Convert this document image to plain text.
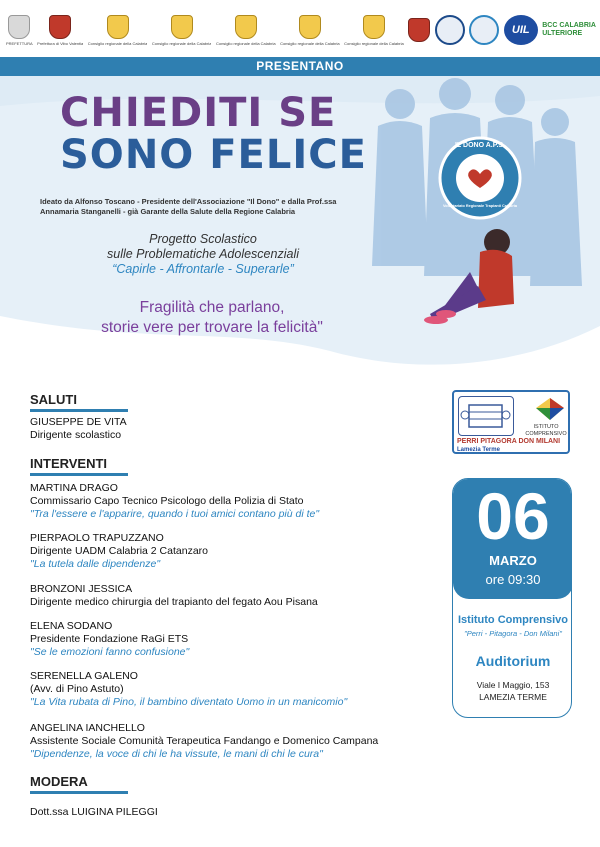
PREFETTURA Prefettura di Vibo Valentia Consiglio regionale della Calabria Consiglio regionale della Calabria Consiglio regionale della Calabria Consiglio regionale della Calabria Consiglio regionale della Calabria
UIL	BCC CALABRIA
ULTERIORE
PRESENTANO
IL DONO A.P.S.
Volontariato Regionale Trapianti Calabria
CHIEDITI SE
SONO FELICE
Ideato da Alfonso Toscano - Presidente dell'Associazione "Il Dono" e dalla Prof.ssa Annamaria Stanganelli - già Garante della Salute della Regione Calabria
Progetto Scolastico
sulle Problematiche Adolescenziali
“Capirle - Affrontarle - Superarle”
Fragilità che parlano,
storie vere per trovare la felicità"
SALUTI
GIUSEPPE DE VITA
Dirigente scolastico
INTERVENTI
MARTINA DRAGO
Commissario Capo Tecnico Psicologo della Polizia di Stato
"Tra l'essere e l'apparire, quando i tuoi amici contano più di te"
PIERPAOLO TRAPUZZANO
Dirigente UADM Calabria 2 Catanzaro
"La tutela dalle dipendenze"
BRONZONI JESSICA
Dirigente medico chirurgia del trapianto del fegato Aou Pisana
ELENA SODANO
Presidente Fondazione RaGi ETS
"Se le emozioni fanno confusione"
SERENELLA GALENO
(Avv. di Pino Astuto)
"La Vita rubata di Pino, il bambino diventato Uomo in un manicomio"
ANGELINA IANCHELLO
Assistente Sociale Comunità Terapeutica Fandango e Domenico Campana
"Dipendenze, la voce di chi le ha vissute, le mani di chi le cura"
MODERA
Dott.ssa LUIGINA PILEGGI
ISTITUTO COMPRENSIVO
PERRI PITAGORA DON MILANI
Lamezia Terme
06
MARZO
ore 09:30
Istituto Comprensivo
"Perri - Pitagora - Don Milani"
Auditorium
Viale I Maggio, 153
LAMEZIA TERME
